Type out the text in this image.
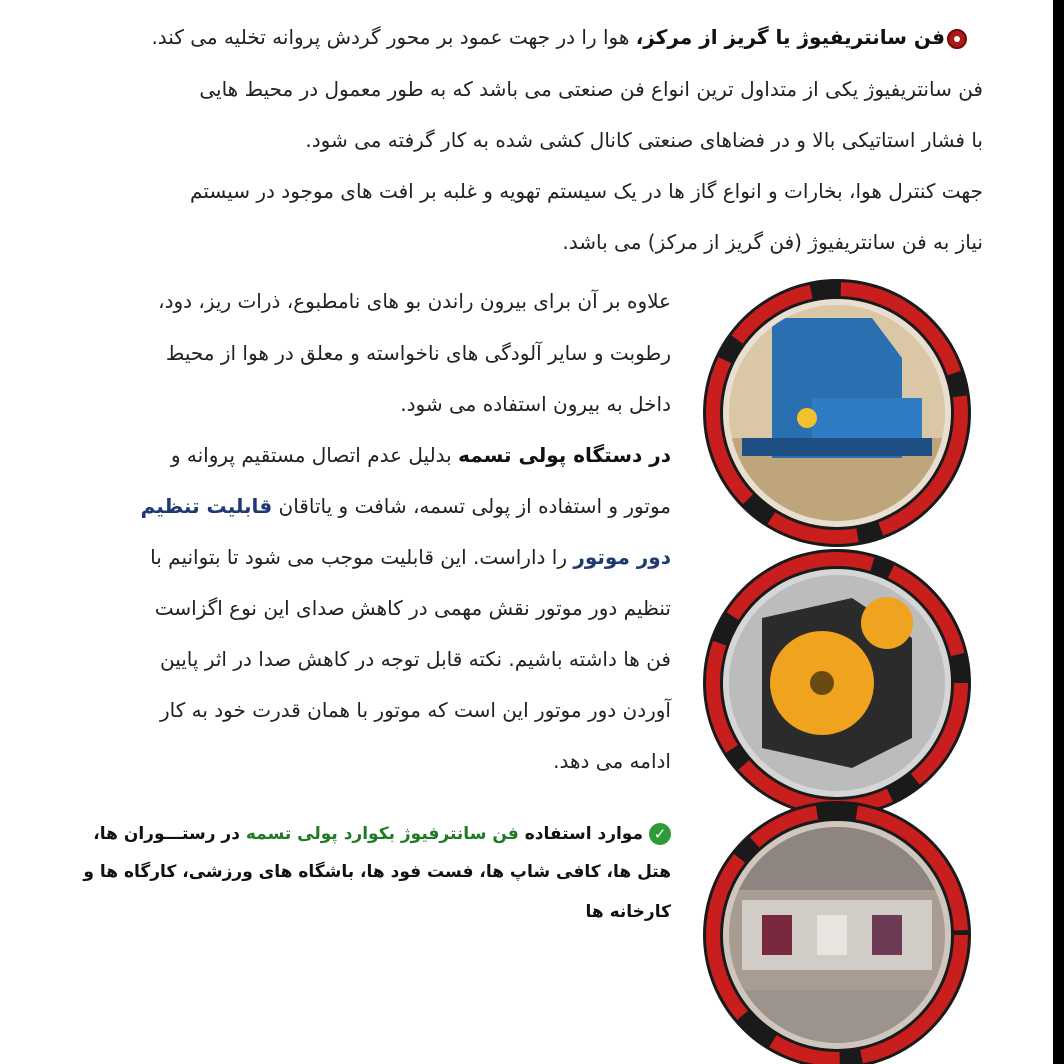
فن سانتریفیوژ یا گریز از مرکز، هوا را در جهت عمود بر محور گردش پروانه تخلیه می کند.
فن سانتریفیوژ یکی از متداول ترین انواع فن صنعتی می باشد که به طور معمول در محیط هایی
با فشار استاتیکی بالا و در فضاهای صنعتی کانال کشی شده به کار گرفته می شود.
جهت کنترل هوا، بخارات و انواع گاز ها در یک سیستم تهویه و غلبه بر افت های موجود در سیستم
نیاز به فن سانتریفیوژ (فن گریز از مرکز) می باشد.
علاوه بر آن برای بیرون راندن بو های نامطبوع، ذرات ریز، دود،
رطوبت و سایر آلودگی های ناخواسته و معلق در هوا از محیط
داخل به بیرون استفاده می شود.
در دستگاه پولی تسمه بدلیل عدم اتصال مستقیم پروانه و
موتور و استفاده از پولی تسمه، شافت و یاتاقان قابلیت تنظیم
دور موتور را داراست. این قابلیت موجب می شود تا بتوانیم با
تنظیم دور موتور نقش مهمی در کاهش صدای این نوع اگزاست
فن ها داشته باشیم. نکته قابل توجه در کاهش صدا در اثر پایین
آوردن دور موتور این است که موتور با همان قدرت خود به کار
ادامه می دهد.
✓موارد استفاده فن سانترفیوژ بکوارد پولی تسمه در رستـــوران ها،
هتل ها، کافی شاپ ها، فست فود ها، باشگاه های ورزشی، کارگاه ها و
کارخانه ها
